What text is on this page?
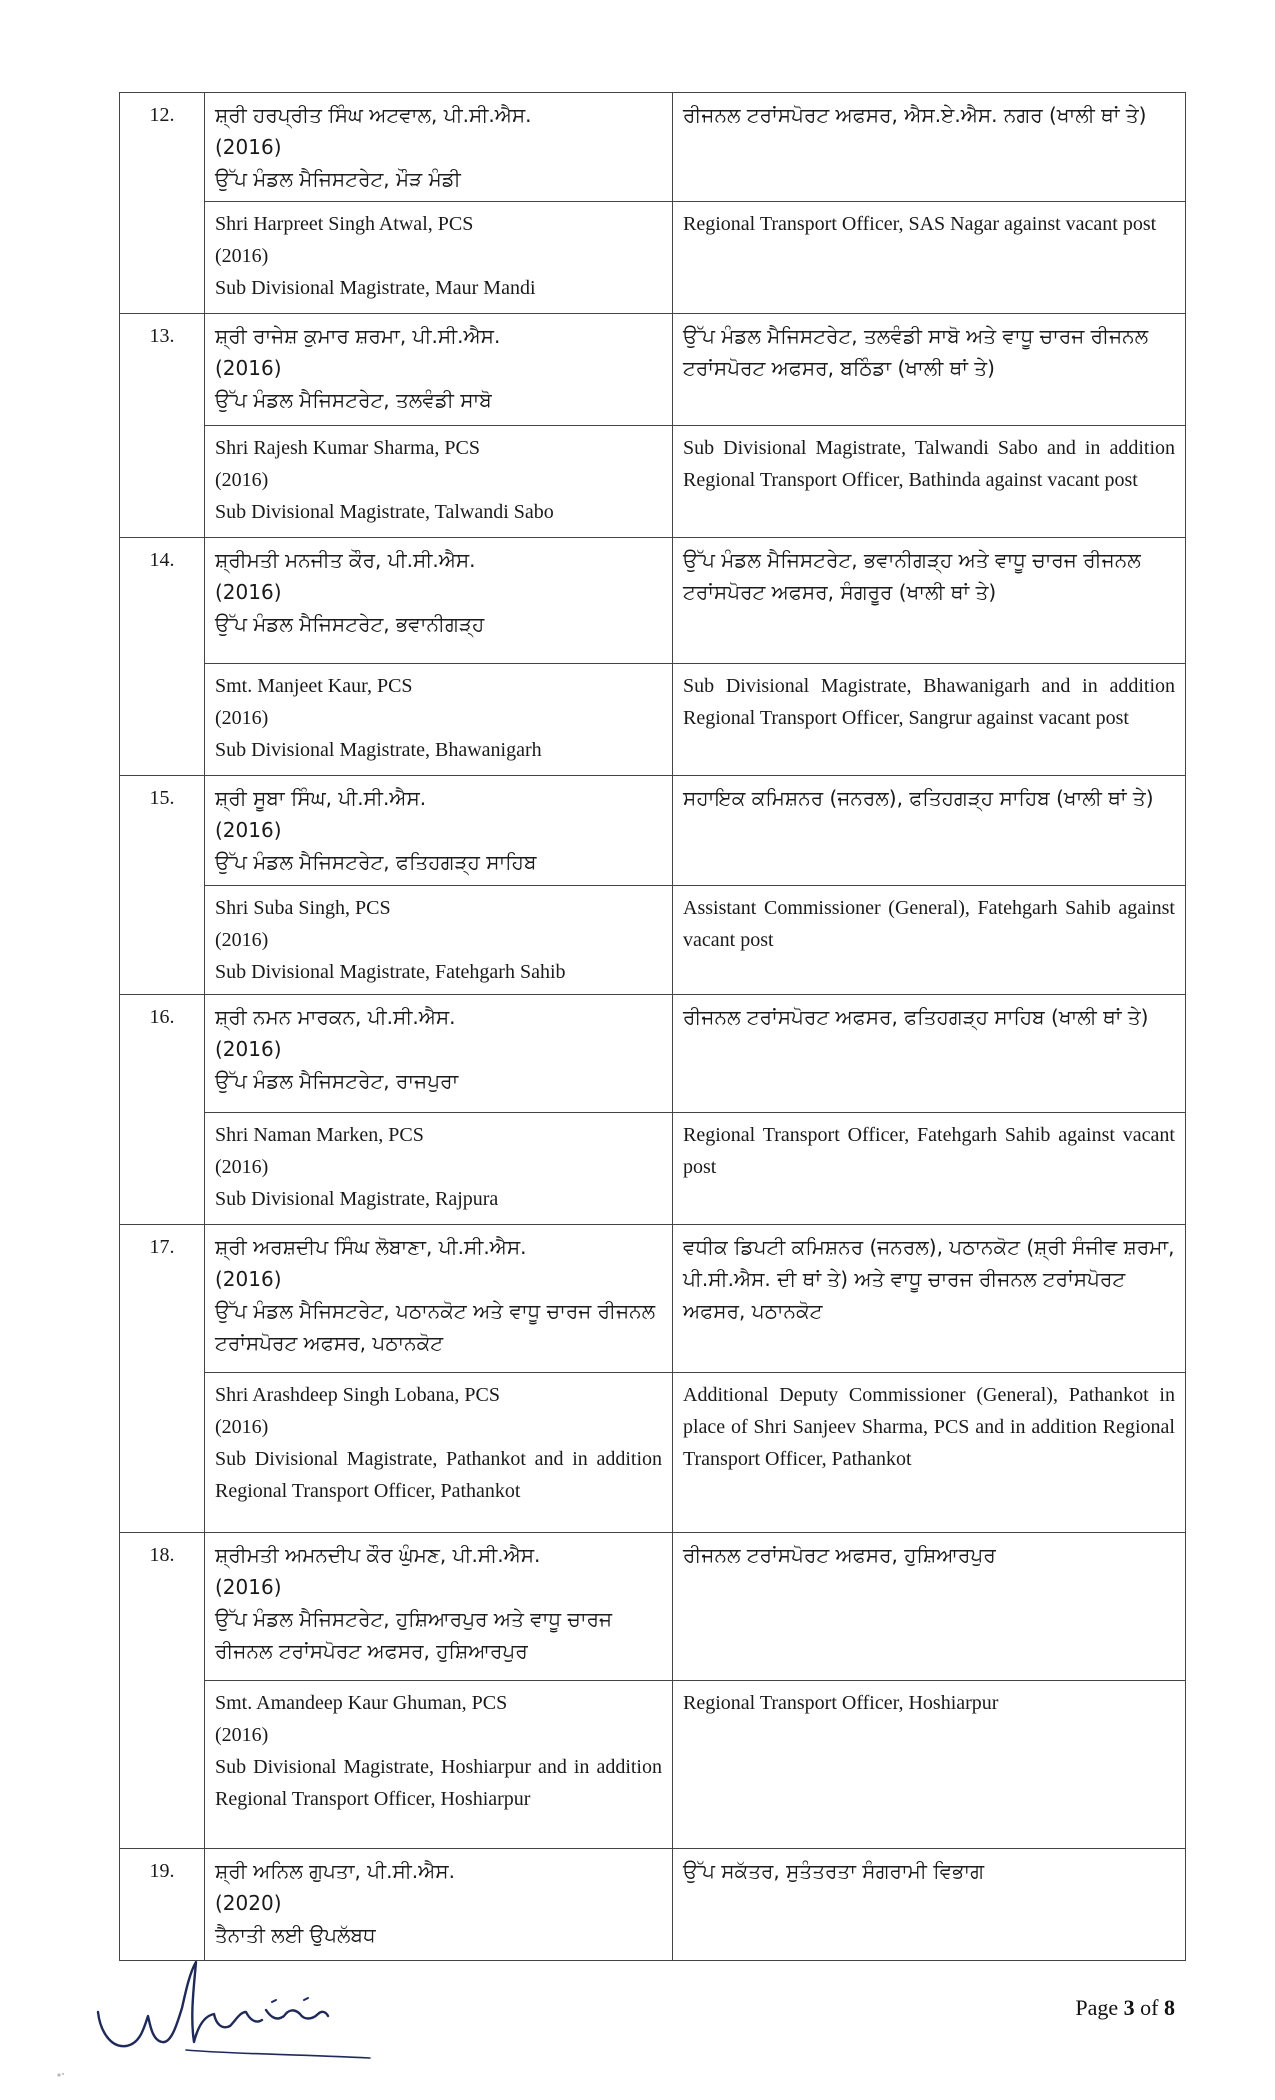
12.	ਸ਼੍ਰੀ ਹਰਪ੍ਰੀਤ ਸਿੰਘ ਅਟਵਾਲ, ਪੀ.ਸੀ.ਐਸ.
(2016)
ਉੱਪ ਮੰਡਲ ਮੈਜਿਸਟਰੇਟ, ਮੌੜ ਮੰਡੀ	ਰੀਜਨਲ ਟਰਾਂਸਪੋਰਟ ਅਫਸਰ, ਐਸ.ਏ.ਐਸ. ਨਗਰ (ਖਾਲੀ ਥਾਂ ਤੇ)

	Shri Harpreet Singh Atwal, PCS
(2016)
Sub Divisional Magistrate, Maur Mandi	Regional Transport Officer, SAS Nagar against vacant post
13.	ਸ਼੍ਰੀ ਰਾਜੇਸ਼ ਕੁਮਾਰ ਸ਼ਰਮਾ, ਪੀ.ਸੀ.ਐਸ.
(2016)
ਉੱਪ ਮੰਡਲ ਮੈਜਿਸਟਰੇਟ, ਤਲਵੰਡੀ ਸਾਬੋ	ਉੱਪ ਮੰਡਲ ਮੈਜਿਸਟਰੇਟ, ਤਲਵੰਡੀ ਸਾਬੋ ਅਤੇ ਵਾਧੂ ਚਾਰਜ ਰੀਜਨਲ ਟਰਾਂਸਪੋਰਟ ਅਫਸਰ, ਬਠਿੰਡਾ (ਖਾਲੀ ਥਾਂ ਤੇ)

	Shri Rajesh Kumar Sharma, PCS
(2016)
Sub Divisional Magistrate, Talwandi Sabo	Sub Divisional Magistrate, Talwandi Sabo and in addition Regional Transport Officer, Bathinda against vacant post
14.	ਸ਼੍ਰੀਮਤੀ ਮਨਜੀਤ ਕੌਰ, ਪੀ.ਸੀ.ਐਸ.
(2016)
ਉੱਪ ਮੰਡਲ ਮੈਜਿਸਟਰੇਟ, ਭਵਾਨੀਗੜ੍ਹ	ਉੱਪ ਮੰਡਲ ਮੈਜਿਸਟਰੇਟ, ਭਵਾਨੀਗੜ੍ਹ ਅਤੇ ਵਾਧੂ ਚਾਰਜ ਰੀਜਨਲ ਟਰਾਂਸਪੋਰਟ ਅਫਸਰ, ਸੰਗਰੂਰ (ਖਾਲੀ ਥਾਂ ਤੇ)

	Smt. Manjeet Kaur, PCS
(2016)
Sub Divisional Magistrate, Bhawanigarh	Sub Divisional Magistrate, Bhawanigarh and in addition Regional Transport Officer, Sangrur against vacant post
15.	ਸ਼੍ਰੀ ਸੂਬਾ ਸਿੰਘ, ਪੀ.ਸੀ.ਐਸ.
(2016)
ਉੱਪ ਮੰਡਲ ਮੈਜਿਸਟਰੇਟ, ਫਤਿਹਗੜ੍ਹ ਸਾਹਿਬ	ਸਹਾਇਕ ਕਮਿਸ਼ਨਰ (ਜਨਰਲ), ਫਤਿਹਗੜ੍ਹ ਸਾਹਿਬ (ਖਾਲੀ ਥਾਂ ਤੇ)

	Shri Suba Singh, PCS
(2016)
Sub Divisional Magistrate, Fatehgarh Sahib	Assistant Commissioner (General), Fatehgarh Sahib against vacant post
16.	ਸ਼੍ਰੀ ਨਮਨ ਮਾਰਕਨ, ਪੀ.ਸੀ.ਐਸ.
(2016)
ਉੱਪ ਮੰਡਲ ਮੈਜਿਸਟਰੇਟ, ਰਾਜਪੁਰਾ	ਰੀਜਨਲ ਟਰਾਂਸਪੋਰਟ ਅਫਸਰ, ਫਤਿਹਗੜ੍ਹ ਸਾਹਿਬ (ਖਾਲੀ ਥਾਂ ਤੇ)

	Shri Naman Marken, PCS
(2016)
Sub Divisional Magistrate, Rajpura	Regional Transport Officer, Fatehgarh Sahib against vacant post
17.	ਸ਼੍ਰੀ ਅਰਸ਼ਦੀਪ ਸਿੰਘ ਲੋਬਾਣਾ, ਪੀ.ਸੀ.ਐਸ.
(2016)
ਉੱਪ ਮੰਡਲ ਮੈਜਿਸਟਰੇਟ, ਪਠਾਨਕੋਟ ਅਤੇ ਵਾਧੂ ਚਾਰਜ ਰੀਜਨਲ ਟਰਾਂਸਪੋਰਟ ਅਫਸਰ, ਪਠਾਨਕੋਟ	ਵਧੀਕ ਡਿਪਟੀ ਕਮਿਸ਼ਨਰ (ਜਨਰਲ), ਪਠਾਨਕੋਟ (ਸ਼੍ਰੀ ਸੰਜੀਵ ਸ਼ਰਮਾ, ਪੀ.ਸੀ.ਐਸ. ਦੀ ਥਾਂ ਤੇ) ਅਤੇ ਵਾਧੂ ਚਾਰਜ ਰੀਜਨਲ ਟਰਾਂਸਪੋਰਟ ਅਫਸਰ, ਪਠਾਨਕੋਟ

	Shri Arashdeep Singh Lobana, PCS
(2016)
Sub Divisional Magistrate, Pathankot and in addition Regional Transport Officer, Pathankot	Additional Deputy Commissioner (General), Pathankot in place of Shri Sanjeev Sharma, PCS and in addition Regional Transport Officer, Pathankot
18.	ਸ਼੍ਰੀਮਤੀ ਅਮਨਦੀਪ ਕੌਰ ਘੁੰਮਣ, ਪੀ.ਸੀ.ਐਸ.
(2016)
ਉੱਪ ਮੰਡਲ ਮੈਜਿਸਟਰੇਟ, ਹੁਸ਼ਿਆਰਪੁਰ ਅਤੇ ਵਾਧੂ ਚਾਰਜ ਰੀਜਨਲ ਟਰਾਂਸਪੋਰਟ ਅਫਸਰ, ਹੁਸ਼ਿਆਰਪੁਰ	ਰੀਜਨਲ ਟਰਾਂਸਪੋਰਟ ਅਫਸਰ, ਹੁਸ਼ਿਆਰਪੁਰ

	Smt. Amandeep Kaur Ghuman, PCS
(2016)
Sub Divisional Magistrate, Hoshiarpur and in addition Regional Transport Officer, Hoshiarpur	Regional Transport Officer, Hoshiarpur
19.	ਸ਼੍ਰੀ ਅਨਿਲ ਗੁਪਤਾ, ਪੀ.ਸੀ.ਐਸ.
(2020)
ਤੈਨਾਤੀ ਲਈ ਉਪਲੱਬਧ	ਉੱਪ ਸਕੱਤਰ, ਸੁਤੰਤਰਤਾ ਸੰਗਰਾਮੀ ਵਿਭਾਗ
Page 3 of 8
